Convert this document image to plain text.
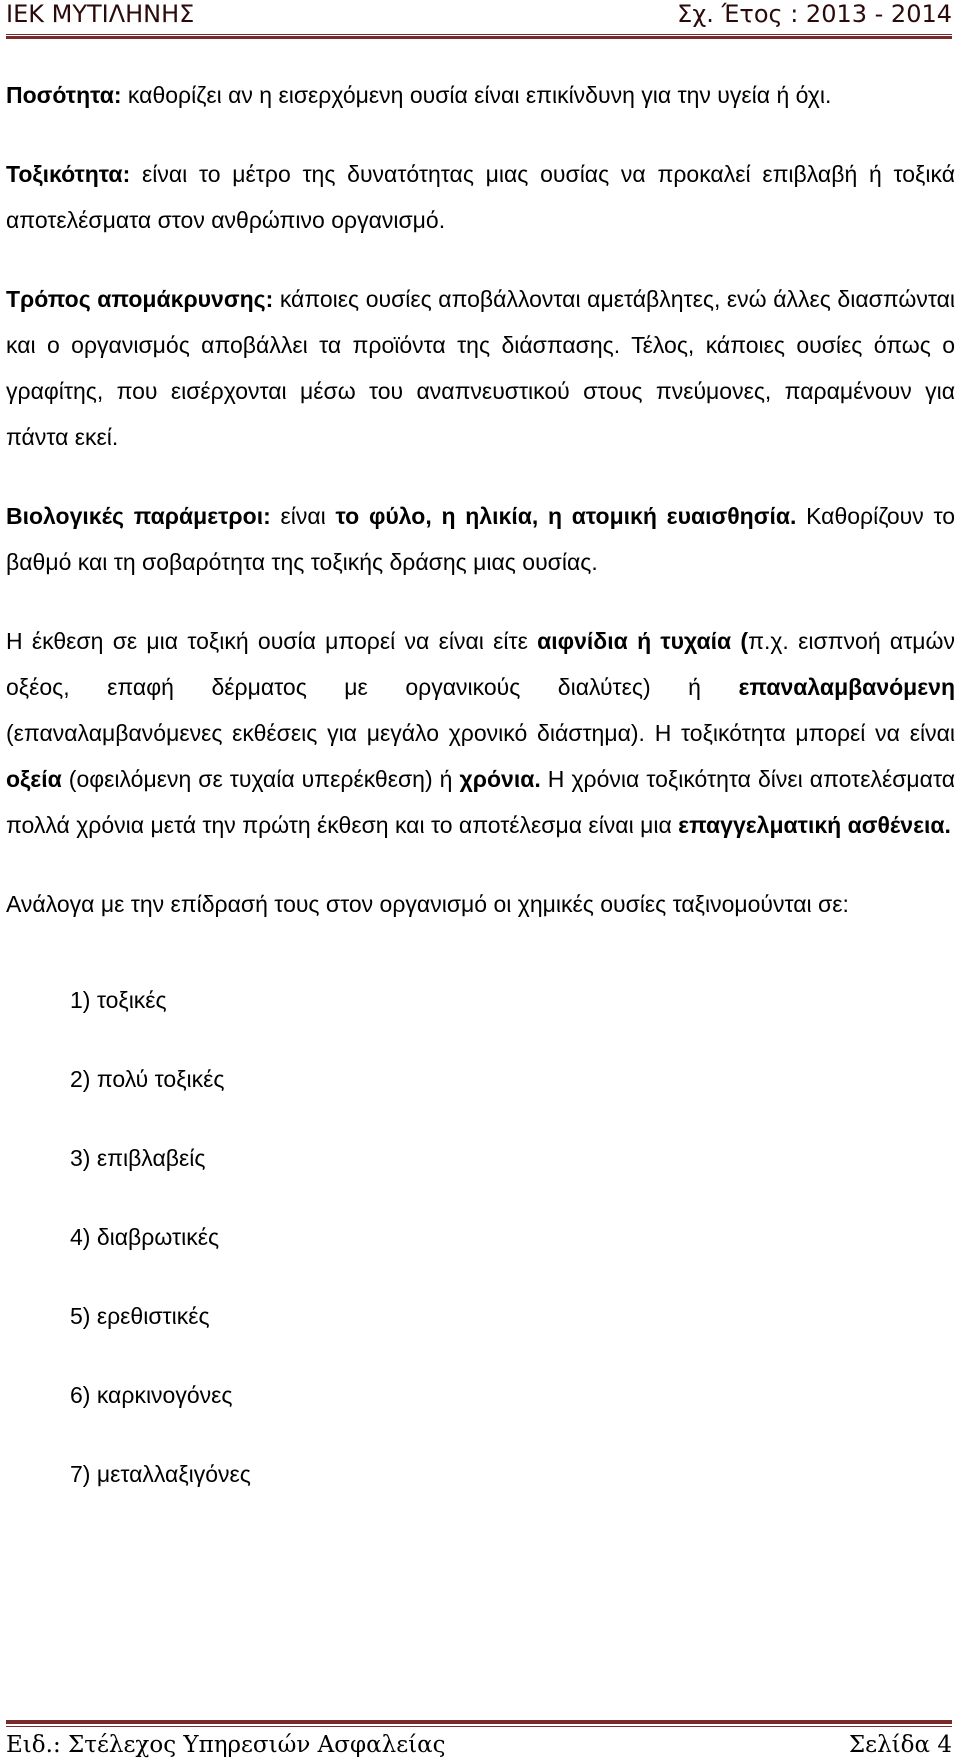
ΙΕΚ ΜΥΤΙΛΗΝΗΣ	Σχ. Έτος : 2013 - 2014

Ποσότητα: καθορίζει αν η εισερχόμενη ουσία είναι επικίνδυνη για την υγεία ή όχι.

Τοξικότητα: είναι το μέτρο της δυνατότητας μιας ουσίας να προκαλεί επιβλαβή ή τοξικά αποτελέσματα στον ανθρώπινο οργανισμό.

Τρόπος απομάκρυνσης: κάποιες ουσίες αποβάλλονται αμετάβλητες, ενώ άλλες διασπώνται και ο οργανισμός αποβάλλει τα προϊόντα της διάσπασης. Τέλος, κάποιες ουσίες όπως ο γραφίτης, που εισέρχονται μέσω του αναπνευστικού στους πνεύμονες, παραμένουν για πάντα εκεί.

Βιολογικές παράμετροι: είναι το φύλο, η ηλικία, η ατομική ευαισθησία. Καθορίζουν το βαθμό και τη σοβαρότητα της τοξικής δράσης μιας ουσίας.

Η έκθεση σε μια τοξική ουσία μπορεί να είναι είτε αιφνίδια ή τυχαία (π.χ. εισπνοή ατμών οξέος, επαφή δέρματος με οργανικούς διαλύτες) ή επαναλαμβανόμενη (επαναλαμβανόμενες εκθέσεις για μεγάλο χρονικό διάστημα). Η τοξικότητα μπορεί να είναι οξεία (οφειλόμενη σε τυχαία υπερέκθεση) ή χρόνια. Η χρόνια τοξικότητα δίνει αποτελέσματα πολλά χρόνια μετά την πρώτη έκθεση και το αποτέλεσμα είναι μια επαγγελματική ασθένεια.

Ανάλογα με την επίδρασή τους στον οργανισμό οι χημικές ουσίες ταξινομούνται σε:

1) τοξικές
2) πολύ τοξικές
3) επιβλαβείς
4) διαβρωτικές
5) ερεθιστικές
6) καρκινογόνες
7) μεταλλαξιγόνες
Ειδ.: Στέλεχος Υπηρεσιών Ασφαλείας	Σελίδα 4
